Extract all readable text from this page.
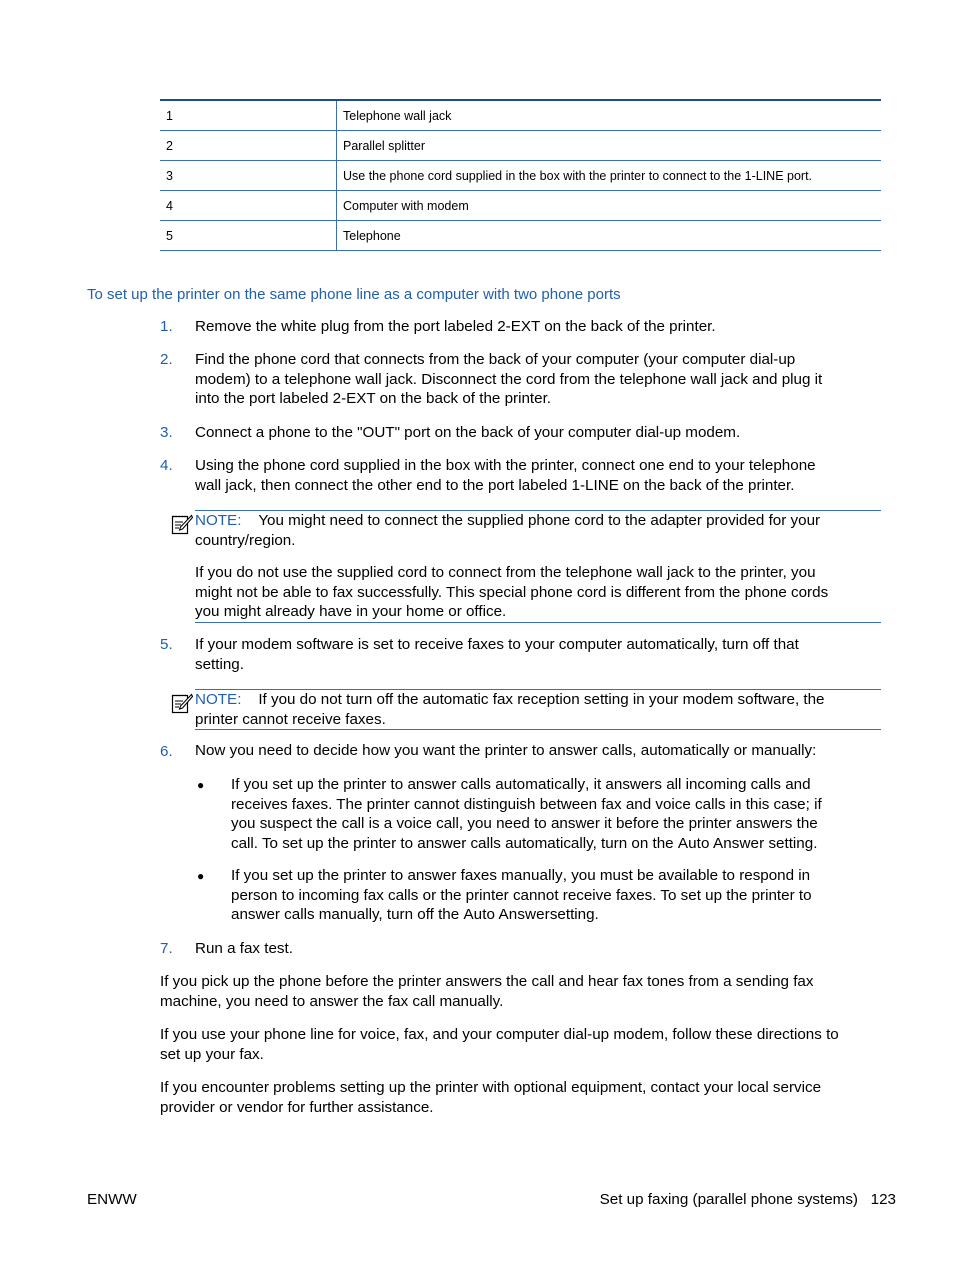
1	Telephone wall jack
2	Parallel splitter
3	Use the phone cord supplied in the box with the printer to connect to the 1-LINE port.
4	Computer with modem
5	Telephone
To set up the printer on the same phone line as a computer with two phone ports
1. Remove the white plug from the port labeled 2-EXT on the back of the printer.
2. Find the phone cord that connects from the back of your computer (your computer dial-up
modem) to a telephone wall jack. Disconnect the cord from the telephone wall jack and plug it
into the port labeled 2-EXT on the back of the printer.
3. Connect a phone to the "OUT" port on the back of your computer dial-up modem.
4. Using the phone cord supplied in the box with the printer, connect one end to your telephone
wall jack, then connect the other end to the port labeled 1-LINE on the back of the printer.
NOTE: You might need to connect the supplied phone cord to the adapter provided for your
country/region.
If you do not use the supplied cord to connect from the telephone wall jack to the printer, you
might not be able to fax successfully. This special phone cord is different from the phone cords
you might already have in your home or office.
5. If your modem software is set to receive faxes to your computer automatically, turn off that
setting.
NOTE: If you do not turn off the automatic fax reception setting in your modem software, the
printer cannot receive faxes.
6. Now you need to decide how you want the printer to answer calls, automatically or manually:
● If you set up the printer to answer calls automatically, it answers all incoming calls and
receives faxes. The printer cannot distinguish between fax and voice calls in this case; if
you suspect the call is a voice call, you need to answer it before the printer answers the
call. To set up the printer to answer calls automatically, turn on the Auto Answer setting.
● If you set up the printer to answer faxes manually, you must be available to respond in
person to incoming fax calls or the printer cannot receive faxes. To set up the printer to
answer calls manually, turn off the Auto Answersetting.
7. Run a fax test.
If you pick up the phone before the printer answers the call and hear fax tones from a sending fax
machine, you need to answer the fax call manually.
If you use your phone line for voice, fax, and your computer dial-up modem, follow these directions to
set up your fax.
If you encounter problems setting up the printer with optional equipment, contact your local service
provider or vendor for further assistance.
ENWW	Set up faxing (parallel phone systems) 123
